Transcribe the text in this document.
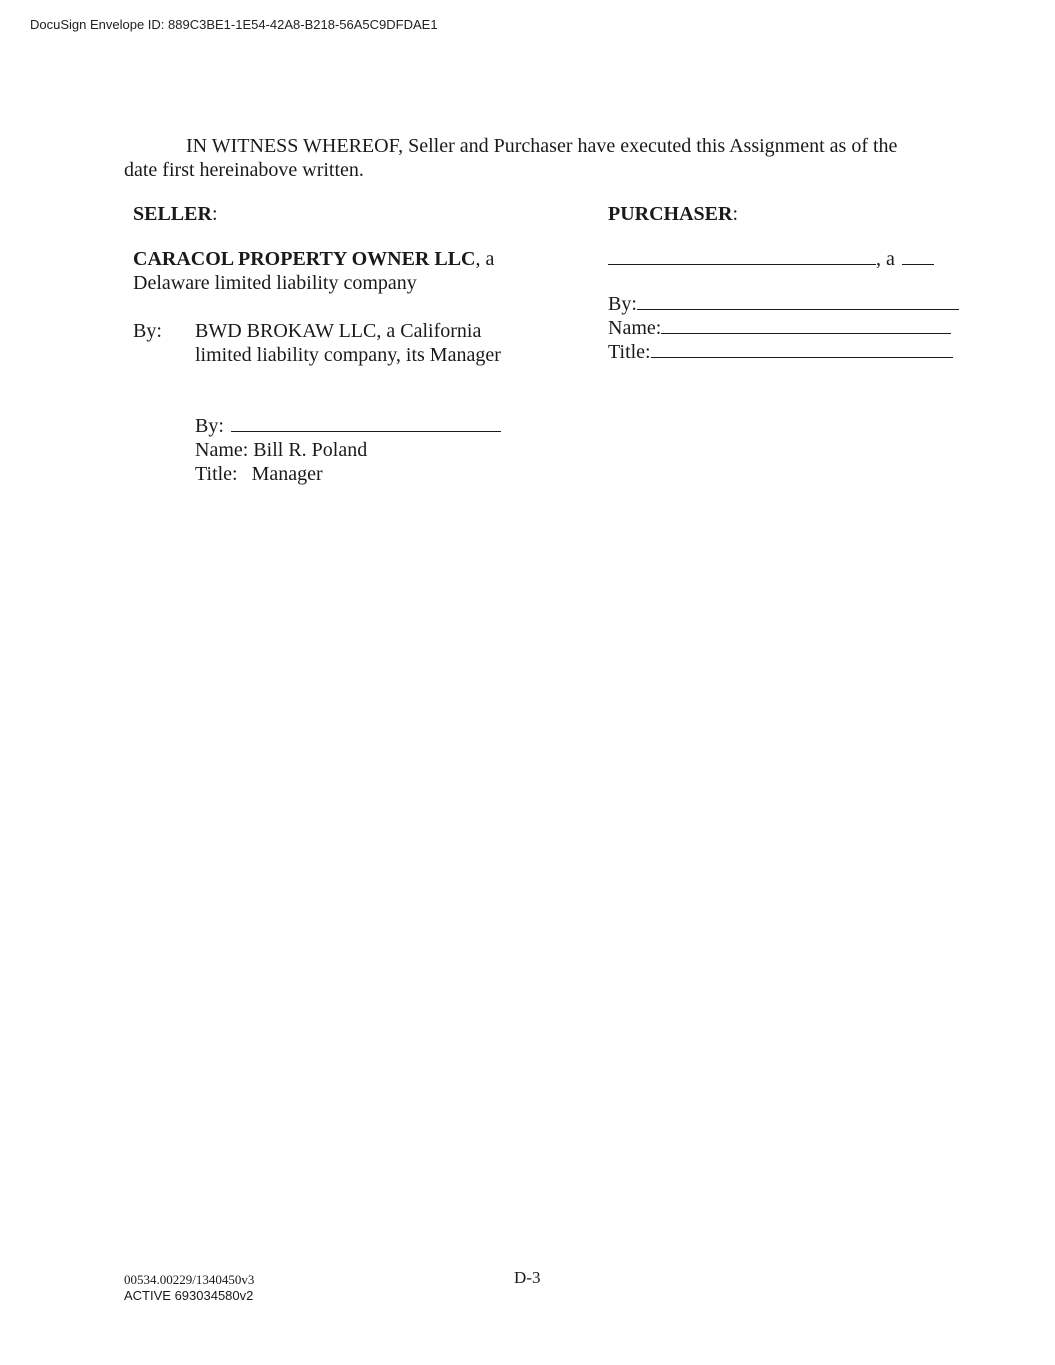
DocuSign Envelope ID: 889C3BE1-1E54-42A8-B218-56A5C9DFDAE1
IN WITNESS WHEREOF, Seller and Purchaser have executed this Assignment as of the
date first hereinabove written.
SELLER:
CARACOL PROPERTY OWNER LLC, a
Delaware limited liability company
By: BWD BROKAW LLC, a California
limited liability company, its Manager
By:
Name: Bill R. Poland
Title: Manager
PURCHASER:
, a
By:
Name:
Title:
00534.00229/1340450v3
ACTIVE 693034580v2
D-3
